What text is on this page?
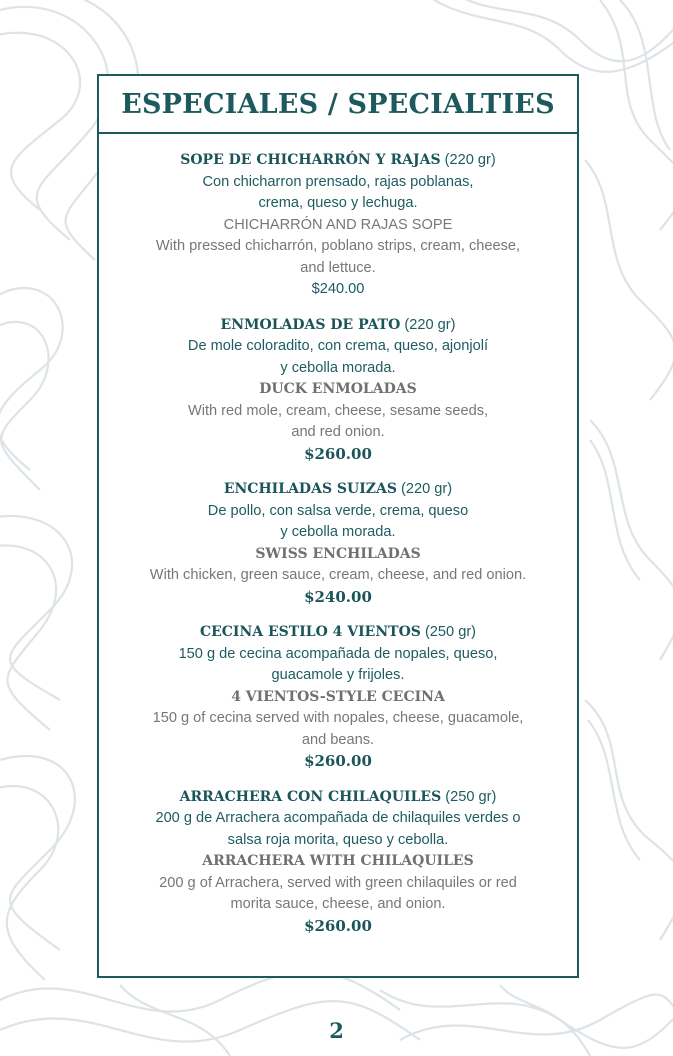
ESPECIALES / SPECIALTIES
SOPE DE CHICHARRÓN Y RAJAS (220 gr)
Con chicharron prensado, rajas poblanas,
crema, queso y lechuga.
CHICHARRÓN AND RAJAS SOPE
With pressed chicharrón, poblano strips, cream, cheese,
and lettuce.
$240.00
ENMOLADAS DE PATO (220 gr)
De mole coloradito, con crema, queso, ajonjolí
y cebolla morada.
DUCK ENMOLADAS
With red mole, cream, cheese, sesame seeds,
and red onion.
$260.00
ENCHILADAS SUIZAS (220 gr)
De pollo, con salsa verde, crema, queso
y cebolla morada.
SWISS ENCHILADAS
With chicken, green sauce, cream, cheese, and red onion.
$240.00
CECINA ESTILO 4 VIENTOS (250 gr)
150 g de cecina acompañada de nopales, queso,
guacamole y frijoles.
4 VIENTOS-STYLE CECINA
150 g of cecina served with nopales, cheese, guacamole,
and beans.
$260.00
ARRACHERA CON CHILAQUILES (250 gr)
200 g de Arrachera acompañada de chilaquiles verdes o
salsa roja morita, queso y cebolla.
ARRACHERA WITH CHILAQUILES
200 g of Arrachera, served with green chilaquiles or red
morita sauce, cheese, and onion.
$260.00
2
